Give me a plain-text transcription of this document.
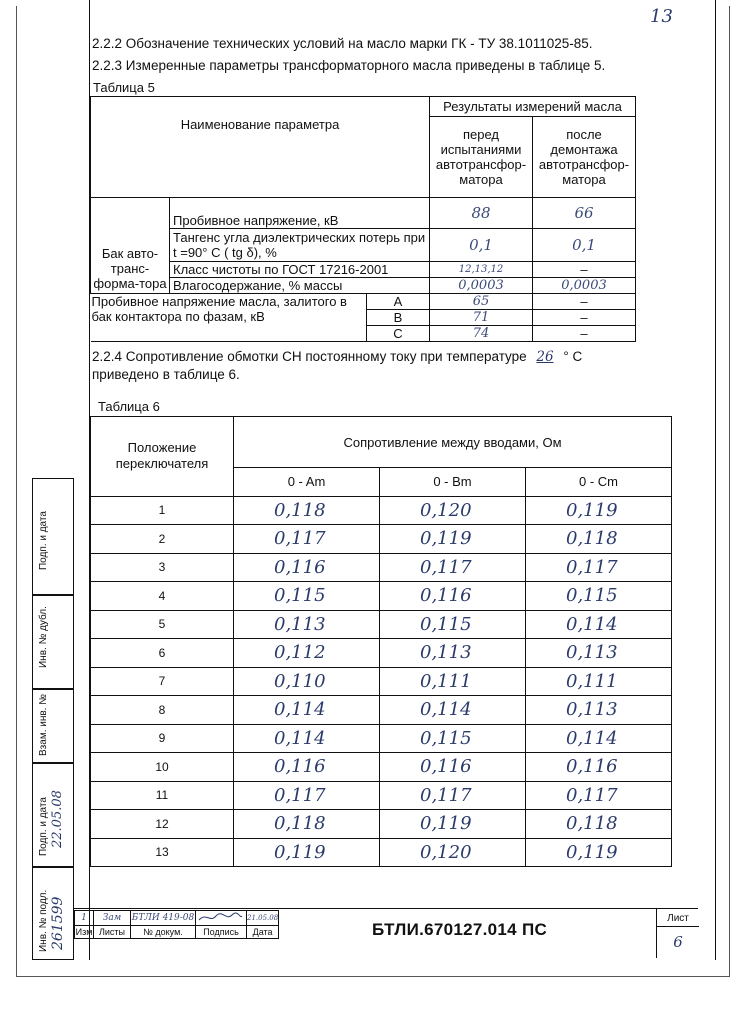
13
2.2.2 Обозначение технических условий на масло марки ГК - ТУ 38.1011025-85.
2.2.3 Измеренные параметры трансформаторного масла приведены в таблице 5.
Таблица 5
Наименование параметра			Результаты измерений масла	
			перед испытаниями автотрансфор-матора	после демонтажа автотрансфор-матора
Бак авто-транс-форма-тора	Пробивное напряжение, кВ		88	66
	Тангенс угла диэлектрических потерь при t =90° С ( tg δ), %		0,1	0,1
	Класс чистоты по ГОСТ 17216-2001		12,13,12	–
	Влагосодержание, % массы		0,0003	0,0003
Пробивное напряжение масла, залитого в бак контактора по фазам, кВ		А	65	–
		В	71	–
		С	74	–
2.2.4 Сопротивление обмотки СН постоянному току при температуре 26 ° С
приведено в таблице 6.
Таблица 6
Положение переключателя	Сопротивление между вводами, Ом		
	0 - Am	0 - Bm	0 - Cm
1	0,118	0,120	0,119
2	0,117	0,119	0,118
3	0,116	0,117	0,117
4	0,115	0,116	0,115
5	0,113	0,115	0,114
6	0,112	0,113	0,113
7	0,110	0,111	0,111
8	0,114	0,114	0,113
9	0,114	0,115	0,114
10	0,116	0,116	0,116
11	0,117	0,117	0,117
12	0,118	0,119	0,118
13	0,119	0,120	0,119
Подп. и дата
Инв. № дубл.
Взам. инв. №
Подп. и дата 22.05.08
Инв. № подл. 261599 1	Зам	БТЛИ 419-08		21.05.08
Изм	Листы	№ докум.	Подпись	Дата	БТЛИ.670127.014 ПС
Лист
6
